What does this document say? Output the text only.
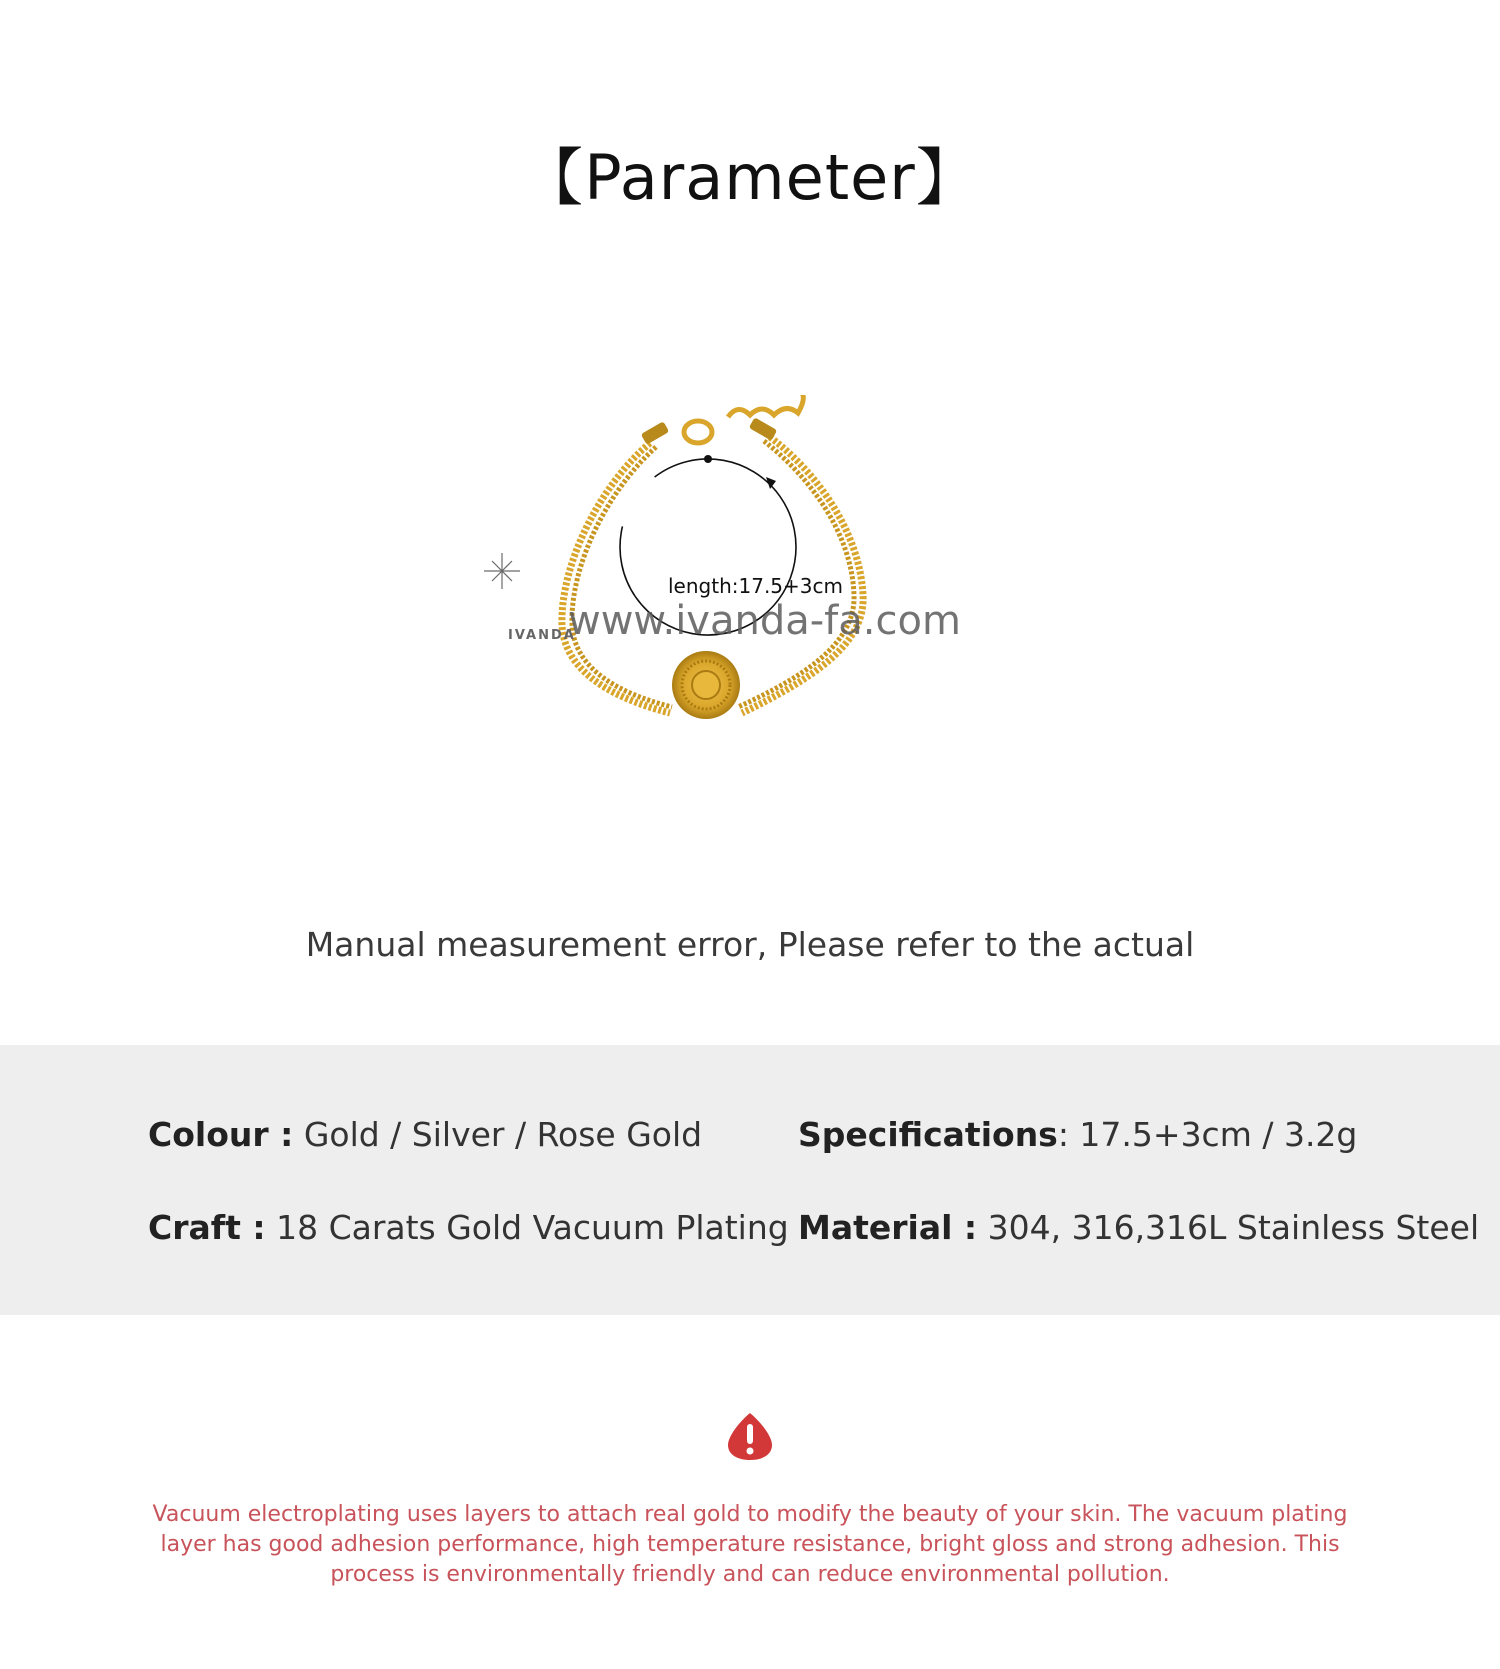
【Parameter】
length:17.5+3cm
IVANDA
www.ivanda-fa.com
Manual measurement error, Please refer to the actual
Colour : Gold / Silver / Rose Gold	Specifications: 17.5+3cm / 3.2g
Craft : 18 Carats Gold Vacuum Plating Material : 304, 316,316L Stainless Steel
Vacuum electroplating uses layers to attach real gold to modify the beauty of your skin. The vacuum plating layer has good adhesion performance, high temperature resistance, bright gloss and strong adhesion. This process is environmentally friendly and can reduce environmental pollution.
